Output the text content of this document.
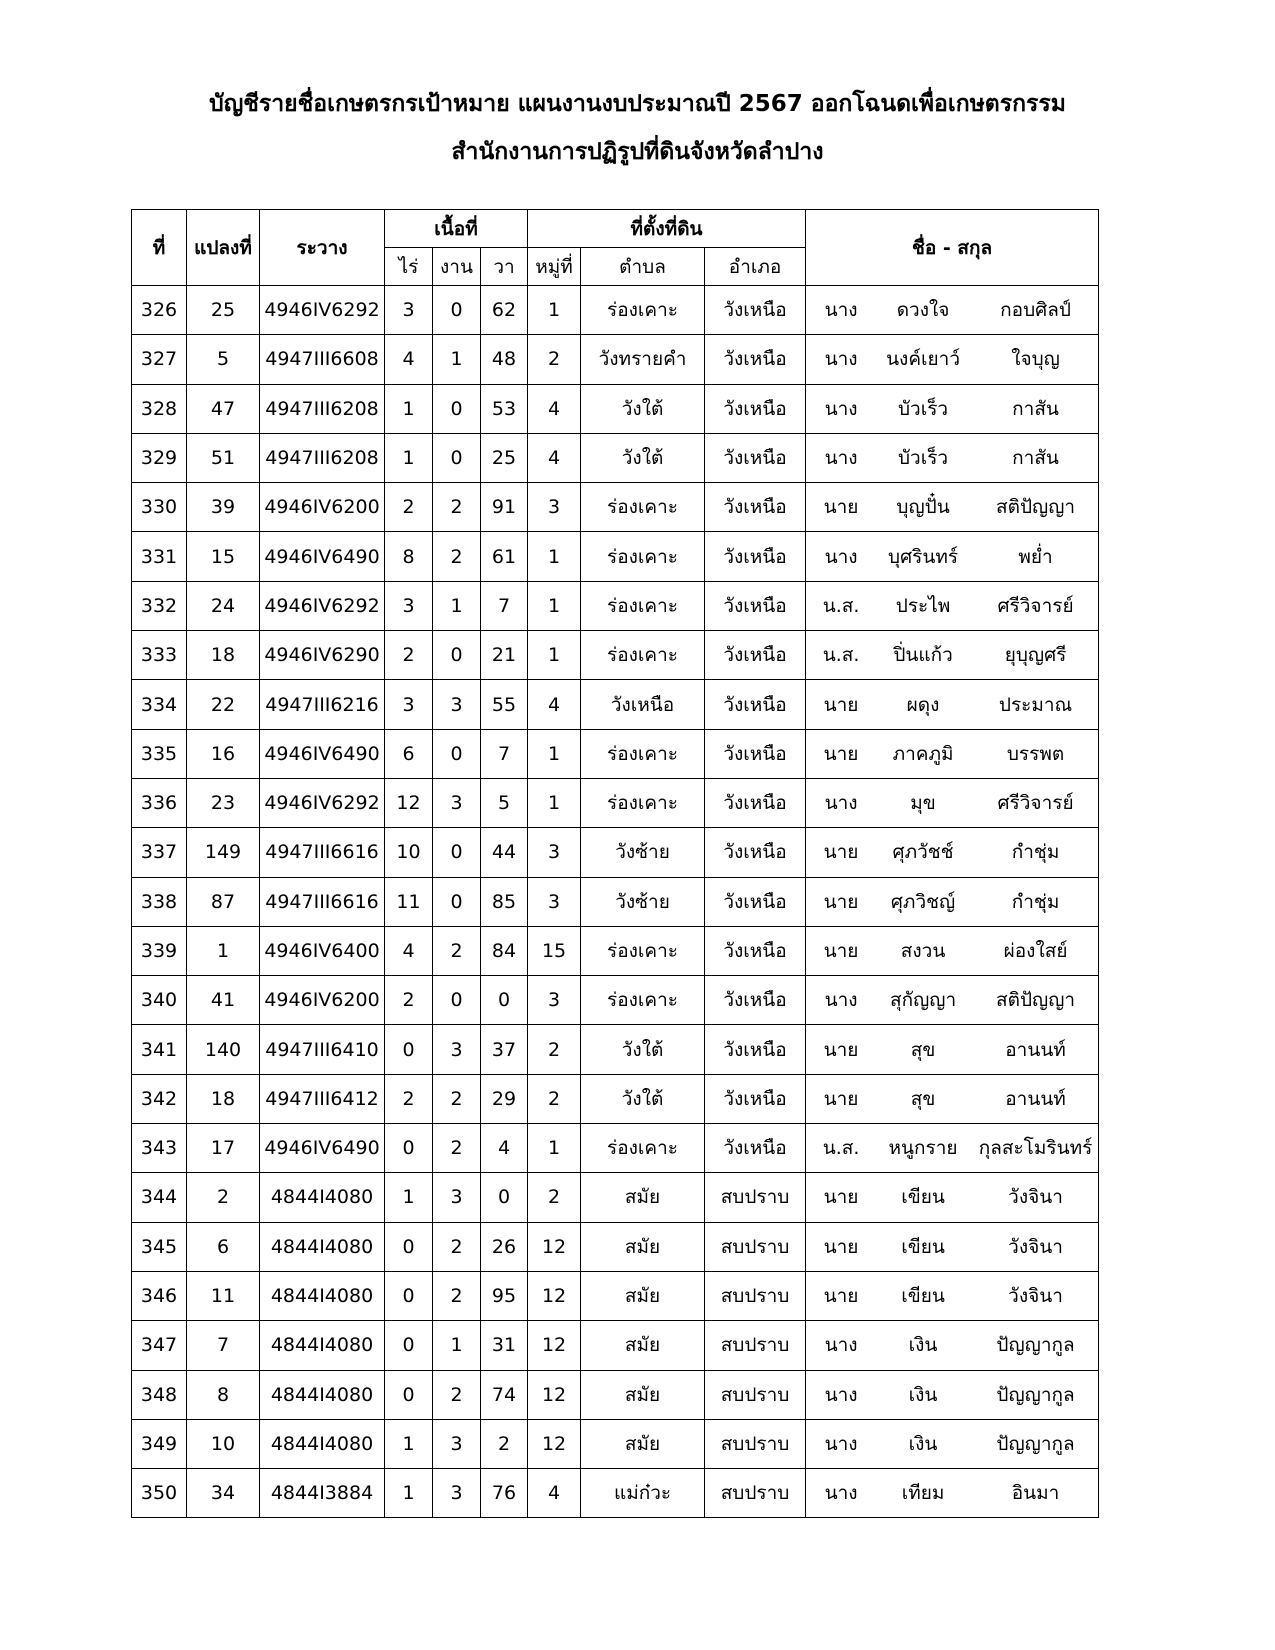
บัญชีรายชื่อเกษตรกรเป้าหมาย แผนงานงบประมาณปี 2567 ออกโฉนดเพื่อเกษตรกรรม
สำนักงานการปฏิรูปที่ดินจังหวัดลำปาง
ที่	แปลงที่	ระวาง	เนื้อที่			ที่ตั้งที่ดิน			ชื่อ - สกุล
			ไร่	งาน	วา	หมู่ที่	ตำบล	อำเภอ	
326	25	4946IV6292	3	0	62	1	ร่องเคาะ	วังเหนือ	นาง ดวงใจ กอบศิลป์

327	5	4947III6608	4	1	48	2	วังทรายคำ	วังเหนือ	นาง นงค์เยาว์ ใจบุญ

328	47	4947III6208	1	0	53	4	วังใต้	วังเหนือ	นาง บัวเร็ว กาสัน

329	51	4947III6208	1	0	25	4	วังใต้	วังเหนือ	นาง บัวเร็ว กาสัน

330	39	4946IV6200	2	2	91	3	ร่องเคาะ	วังเหนือ	นาย บุญปั๋น สติปัญญา

331	15	4946IV6490	8	2	61	1	ร่องเคาะ	วังเหนือ	นาง บุศรินทร์ พย่ำ

332	24	4946IV6292	3	1	7	1	ร่องเคาะ	วังเหนือ	น.ส. ประไพ ศรีวิจารย์

333	18	4946IV6290	2	0	21	1	ร่องเคาะ	วังเหนือ	น.ส. ปิ่นแก้ว ยุบุญศรี

334	22	4947III6216	3	3	55	4	วังเหนือ	วังเหนือ	นาย ผดุง ประมาณ

335	16	4946IV6490	6	0	7	1	ร่องเคาะ	วังเหนือ	นาย ภาคภูมิ บรรพต

336	23	4946IV6292	12	3	5	1	ร่องเคาะ	วังเหนือ	นาง มุข ศรีวิจารย์

337	149	4947III6616	10	0	44	3	วังซ้าย	วังเหนือ	นาย ศุภวัชช์ กำชุ่ม

338	87	4947III6616	11	0	85	3	วังซ้าย	วังเหนือ	นาย ศุภวิชญ์ กำชุ่ม

339	1	4946IV6400	4	2	84	15	ร่องเคาะ	วังเหนือ	นาย สงวน ผ่องใสย์

340	41	4946IV6200	2	0	0	3	ร่องเคาะ	วังเหนือ	นาง สุกัญญา สติปัญญา

341	140	4947III6410	0	3	37	2	วังใต้	วังเหนือ	นาย สุข อานนท์

342	18	4947III6412	2	2	29	2	วังใต้	วังเหนือ	นาย สุข อานนท์

343	17	4946IV6490	0	2	4	1	ร่องเคาะ	วังเหนือ	น.ส. หนูกราย กุลสะโมรินทร์

344	2	4844I4080	1	3	0	2	สมัย	สบปราบ	นาย เขียน วังจินา

345	6	4844I4080	0	2	26	12	สมัย	สบปราบ	นาย เขียน วังจินา

346	11	4844I4080	0	2	95	12	สมัย	สบปราบ	นาย เขียน วังจินา

347	7	4844I4080	0	1	31	12	สมัย	สบปราบ	นาง เงิน ปัญญากูล

348	8	4844I4080	0	2	74	12	สมัย	สบปราบ	นาง เงิน ปัญญากูล

349	10	4844I4080	1	3	2	12	สมัย	สบปราบ	นาง เงิน ปัญญากูล

350	34	4844I3884	1	3	76	4	แม่ก๋วะ	สบปราบ	นาง เทียม อินมา
